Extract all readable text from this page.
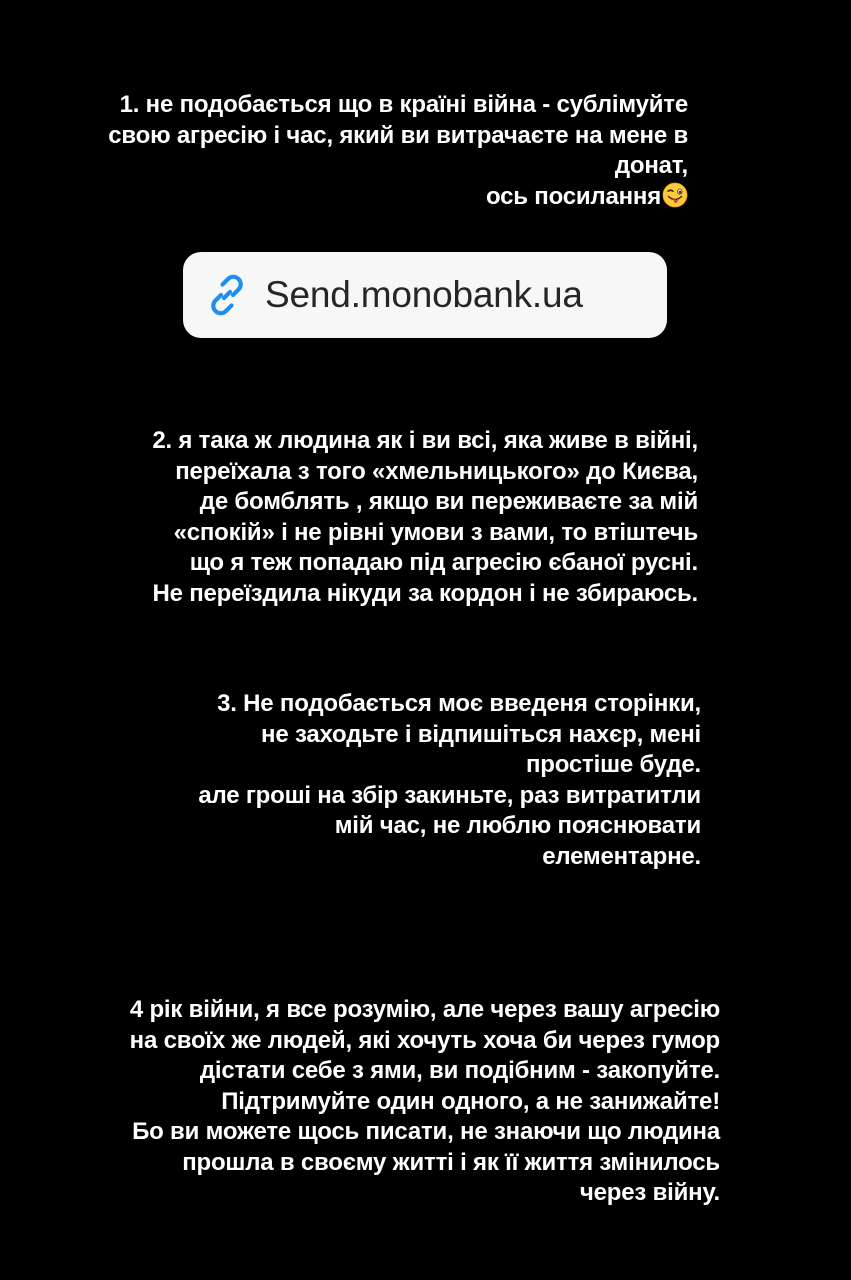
1. не подобається що в країні війна - сублімуйте
свою агресію і час, який ви витрачаєте на мене в
донат,
ось посилання
Send.monobank.ua
2. я така ж людина як і ви всі, яка живе в війні,
переїхала з того «хмельницького» до Києва,
де бомблять , якщо ви переживаєте за мій
«спокій» і не рівні умови з вами, то втіштечь
що я теж попадаю під агресію єбаної русні.
Не переїздила нікуди за кордон і не збираюсь.
3. Не подобається моє введеня сторінки,
не заходьте і відпишіться нахєр, мені
простіше буде.
але гроші на збір закиньте, раз витратитли
мій час, не люблю пояснювати
елементарне.
4 рік війни, я все розумію, але через вашу агресію
на своїх же людей, які хочуть хоча би через гумор
дістати себе з ями, ви подібним - закопуйте.
Підтримуйте один одного, а не занижайте!
Бо ви можете щось писати, не знаючи що людина
прошла в своєму житті і як її життя змінилось
через війну.
